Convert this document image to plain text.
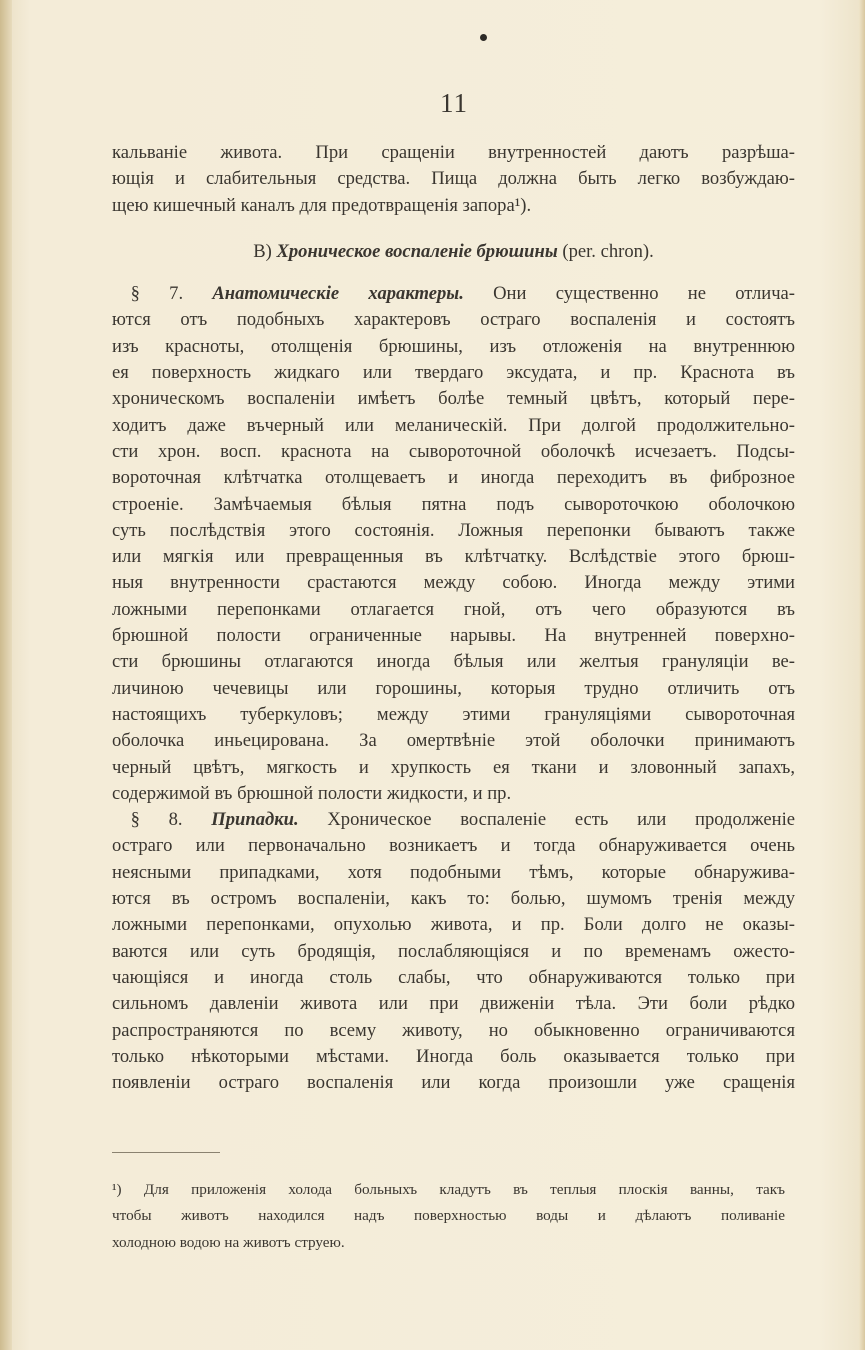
11
кальванiе живота. При сращенiи внутренностей даютъ разрѣша-
ющiя и слабительныя средства. Пища должна быть легко возбуждаю-
щею кишечный каналъ для предотвращенiя запора¹).
В) Хроническое воспаленiе брюшины (per. chron).
 § 7. Анатомическiе характеры. Они существенно не отлича-
ются отъ подобныхъ характеровъ остраго воспаленiя и состоятъ
изъ красноты, отолщенiя брюшины, изъ отложенiя на внутреннюю
ея поверхность жидкаго или твердаго эксудата, и пр. Краснота въ
хроническомъ воспаленiи имѣетъ болѣе темный цвѣтъ, который пере-
ходитъ даже въчерный или меланическiй. При долгой продолжительно-
сти хрон. восп. краснота на сывороточной оболочкѣ исчезаетъ. Подсы-
вороточная клѣтчатка отолщеваетъ и иногда переходитъ въ фиброзное
строенiе. Замѣчаемыя бѣлыя пятна подъ сывороточкою оболочкою
суть послѣдствiя этого состоянiя. Ложныя перепонки бываютъ также
или мягкiя или превращенныя въ клѣтчатку. Вслѣдствiе этого брюш-
ныя внутренности срастаются между собою. Иногда между этими
ложными перепонками отлагается гной, отъ чего образуются въ
брюшной полости ограниченные нарывы. На внутренней поверхно-
сти брюшины отлагаются иногда бѣлыя или желтыя грануляцiи ве-
личиною чечевицы или горошины, которыя трудно отличить отъ
настоящихъ туберкуловъ; между этими грануляцiями сывороточная
оболочка иньецирована. За омертвѣнiе этой оболочки принимаютъ
черный цвѣтъ, мягкость и хрупкость ея ткани и зловонный запахъ,
содержимой въ брюшной полости жидкости, и пр.
 § 8. Припадки. Хроническое воспаленiе есть или продолженiе
остраго или первоначально возникаетъ и тогда обнаруживается очень
неясными припадками, хотя подобными тѣмъ, которые обнаружива-
ются въ остромъ воспаленiи, какъ то: болью, шумомъ тренiя между
ложными перепонками, опухолью живота, и пр. Боли долго не оказы-
ваются или суть бродящiя, послабляющiяся и по временамъ ожесто-
чающiяся и иногда столь слабы, что обнаруживаются только при
сильномъ давленiи живота или при движенiи тѣла. Эти боли рѣдко
распространяются по всему животу, но обыкновенно ограничиваются
только нѣкоторыми мѣстами. Иногда боль оказывается только при
появленiи остраго воспаленiя или когда произошли уже сращенiя
¹) Для приложенiя холода больныхъ кладутъ въ теплыя плоскiя ванны, такъ
чтобы животъ находился надъ поверхностью воды и дѣлаютъ поливанiе
холодною водою на животъ струею.
